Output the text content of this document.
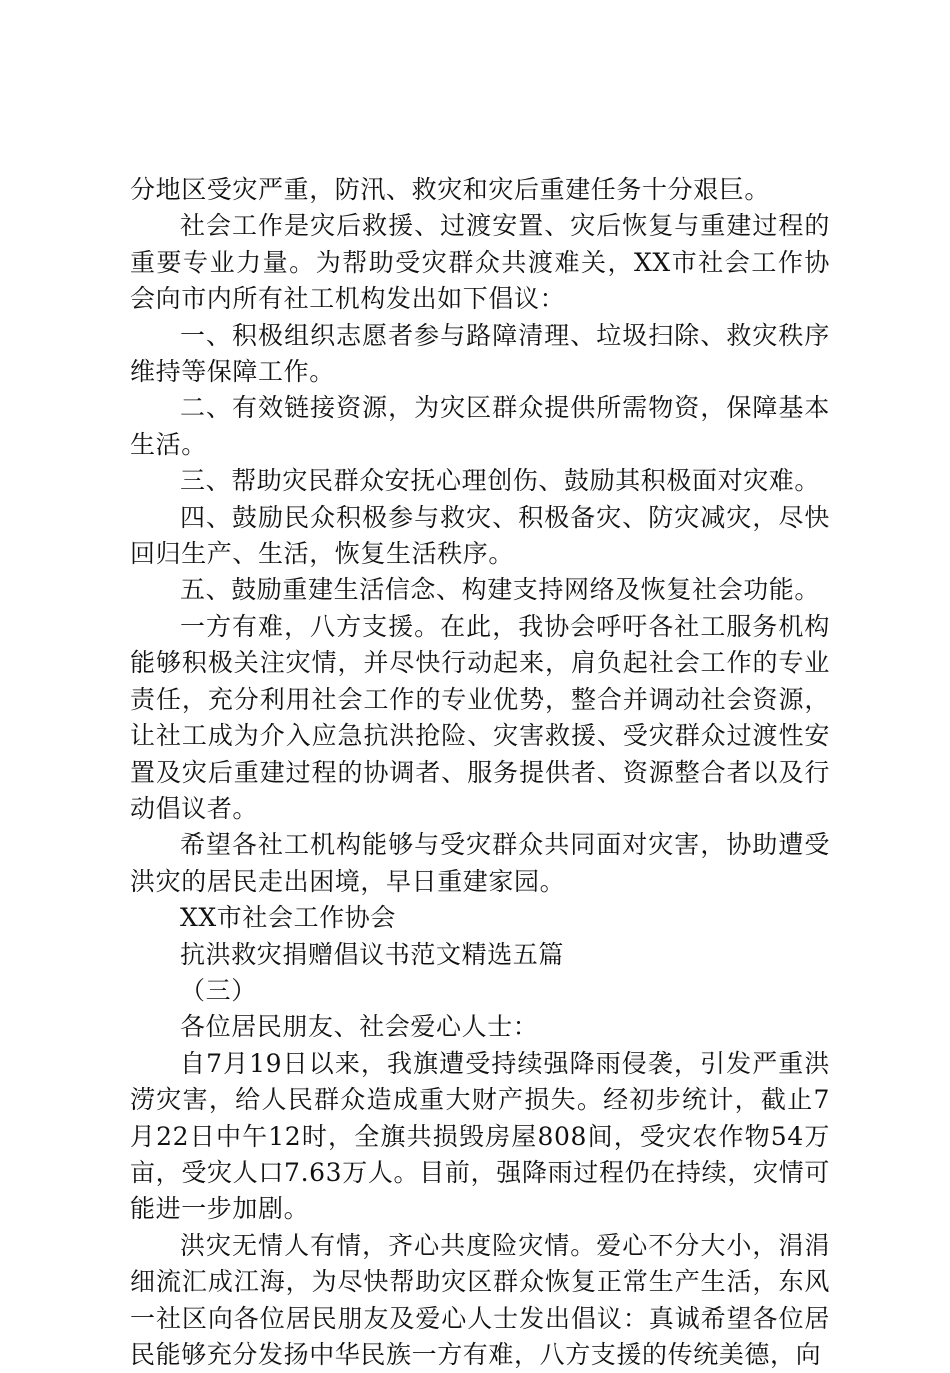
分地区受灾严重，防汛、救灾和灾后重建任务十分艰巨。

社会工作是灾后救援、过渡安置、灾后恢复与重建过程的重要专业力量。为帮助受灾群众共渡难关，XX市社会工作协会向市内所有社工机构发出如下倡议：

一、积极组织志愿者参与路障清理、垃圾扫除、救灾秩序维持等保障工作。

二、有效链接资源，为灾区群众提供所需物资，保障基本生活。

三、帮助灾民群众安抚心理创伤、鼓励其积极面对灾难。

四、鼓励民众积极参与救灾、积极备灾、防灾减灾，尽快回归生产、生活，恢复生活秩序。

五、鼓励重建生活信念、构建支持网络及恢复社会功能。

一方有难，八方支援。在此，我协会呼吁各社工服务机构能够积极关注灾情，并尽快行动起来，肩负起社会工作的专业责任，充分利用社会工作的专业优势，整合并调动社会资源，让社工成为介入应急抗洪抢险、灾害救援、受灾群众过渡性安置及灾后重建过程的协调者、服务提供者、资源整合者以及行动倡议者。

希望各社工机构能够与受灾群众共同面对灾害，协助遭受洪灾的居民走出困境，早日重建家园。

XX市社会工作协会

抗洪救灾捐赠倡议书范文精选五篇

（三）

各位居民朋友、社会爱心人士：

自7月19日以来，我旗遭受持续强降雨侵袭，引发严重洪涝灾害，给人民群众造成重大财产损失。经初步统计，截止7月22日中午12时，全旗共损毁房屋808间，受灾农作物54万亩，受灾人口7.63万人。目前，强降雨过程仍在持续，灾情可能进一步加剧。

洪灾无情人有情，齐心共度险灾情。爱心不分大小，涓涓细流汇成江海，为尽快帮助灾区群众恢复正常生产生活，东风一社区向各位居民朋友及爱心人士发出倡议：真诚希望各位居民能够充分发扬中华民族一方有难，八方支援的传统美德，向
